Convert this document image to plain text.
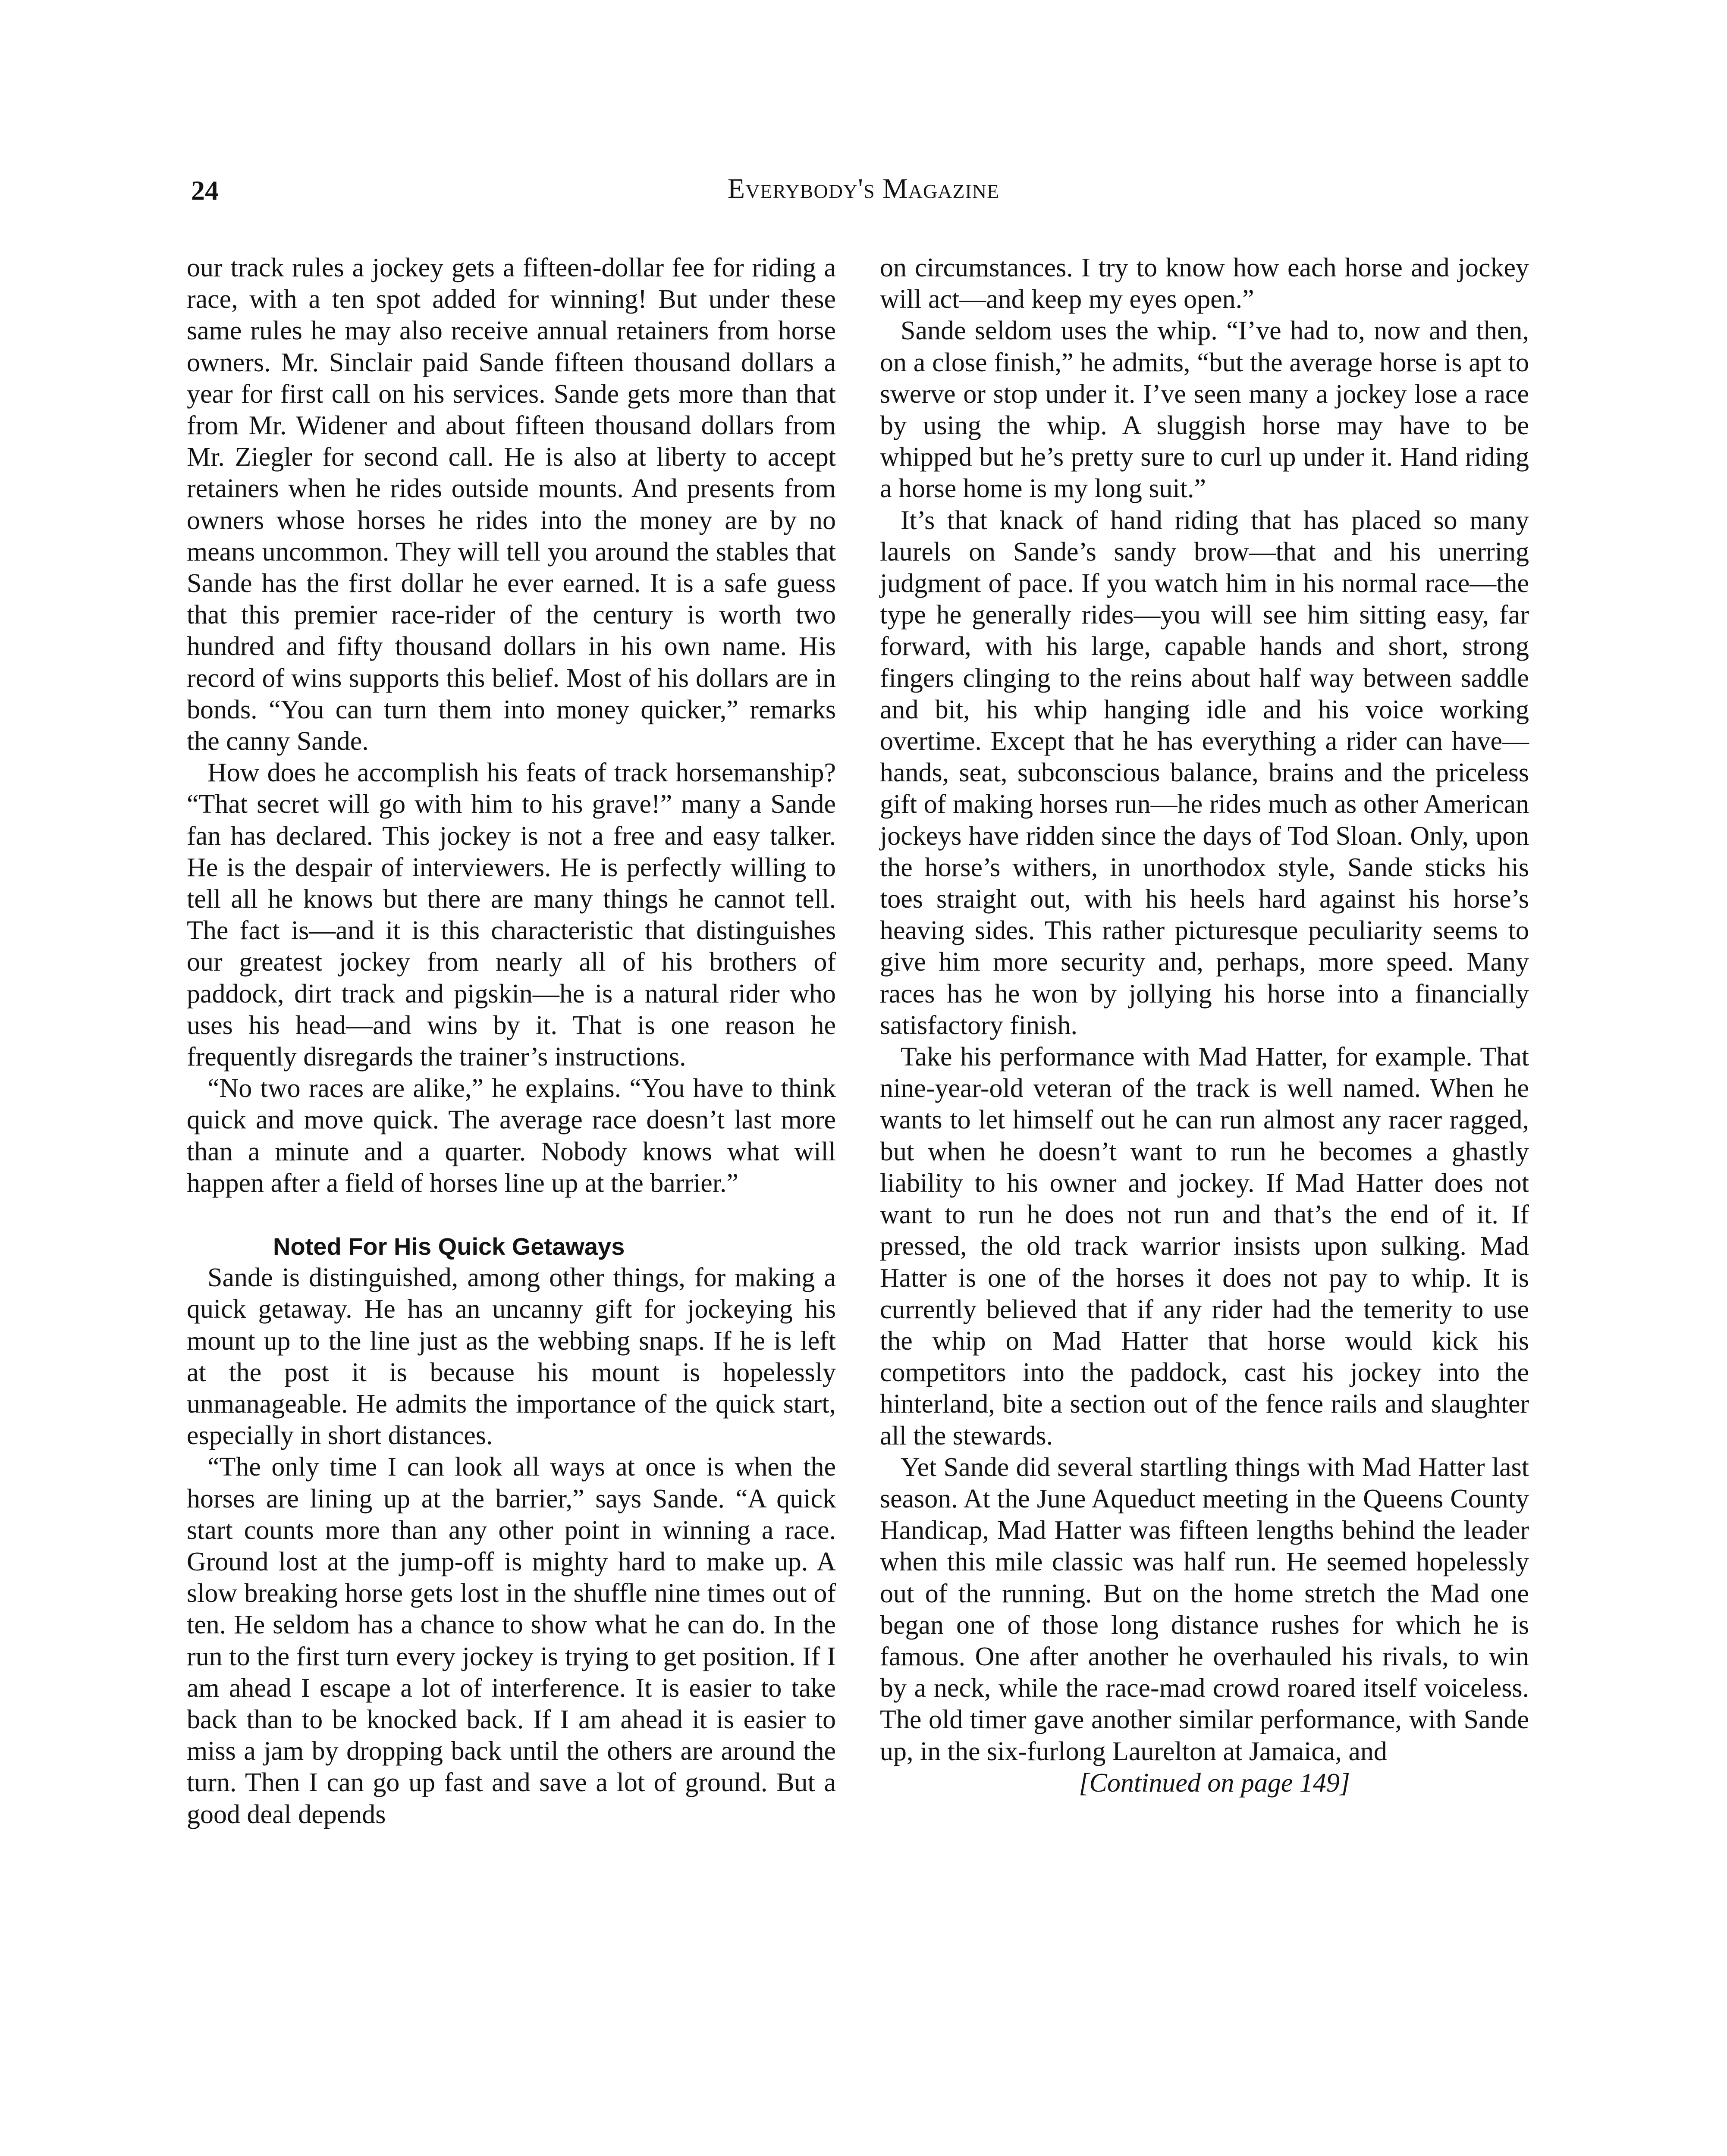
24	Everybody's Magazine

our track rules a jockey gets a fifteen-dollar fee for riding a race, with a ten spot added for winning! But under these same rules he may also receive annual retainers from horse owners. Mr. Sinclair paid Sande fifteen thousand dollars a year for first call on his services. Sande gets more than that from Mr. Widener and about fifteen thousand dollars from Mr. Ziegler for second call. He is also at liberty to accept retainers when he rides outside mounts. And presents from owners whose horses he rides into the money are by no means uncommon. They will tell you around the stables that Sande has the first dollar he ever earned. It is a safe guess that this premier race-rider of the century is worth two hundred and fifty thousand dollars in his own name. His record of wins supports this belief. Most of his dollars are in bonds. “You can turn them into money quicker,” remarks the canny Sande.

How does he accomplish his feats of track horsemanship? “That secret will go with him to his grave!” many a Sande fan has declared. This jockey is not a free and easy talker. He is the despair of interviewers. He is perfectly willing to tell all he knows but there are many things he cannot tell. The fact is—and it is this characteristic that distinguishes our greatest jockey from nearly all of his brothers of paddock, dirt track and pigskin—he is a natural rider who uses his head—and wins by it. That is one reason he frequently disregards the trainer’s instructions.

“No two races are alike,” he explains. “You have to think quick and move quick. The average race doesn’t last more than a minute and a quarter. Nobody knows what will happen after a field of horses line up at the barrier.”

Noted For His Quick Getaways

Sande is distinguished, among other things, for making a quick getaway. He has an uncanny gift for jockeying his mount up to the line just as the webbing snaps. If he is left at the post it is because his mount is hopelessly unmanageable. He admits the importance of the quick start, especially in short distances.

“The only time I can look all ways at once is when the horses are lining up at the barrier,” says Sande. “A quick start counts more than any other point in winning a race. Ground lost at the jump-off is mighty hard to make up. A slow breaking horse gets lost in the shuffle nine times out of ten. He seldom has a chance to show what he can do. In the run to the first turn every jockey is trying to get position. If I am ahead I escape a lot of interference. It is easier to take back than to be knocked back. If I am ahead it is easier to miss a jam by dropping back until the others are around the turn. Then I can go up fast and save a lot of ground. But a good deal depends

on circumstances. I try to know how each horse and jockey will act—and keep my eyes open.”

Sande seldom uses the whip. “I’ve had to, now and then, on a close finish,” he admits, “but the average horse is apt to swerve or stop under it. I’ve seen many a jockey lose a race by using the whip. A sluggish horse may have to be whipped but he’s pretty sure to curl up under it. Hand riding a horse home is my long suit.”

It’s that knack of hand riding that has placed so many laurels on Sande’s sandy brow—that and his unerring judgment of pace. If you watch him in his normal race—the type he generally rides—you will see him sitting easy, far forward, with his large, capable hands and short, strong fingers clinging to the reins about half way between saddle and bit, his whip hanging idle and his voice working overtime. Except that he has everything a rider can have—hands, seat, subconscious balance, brains and the priceless gift of making horses run—he rides much as other American jockeys have ridden since the days of Tod Sloan. Only, upon the horse’s withers, in unorthodox style, Sande sticks his toes straight out, with his heels hard against his horse’s heaving sides. This rather picturesque peculiarity seems to give him more security and, perhaps, more speed. Many races has he won by jollying his horse into a financially satisfactory finish.

Take his performance with Mad Hatter, for example. That nine-year-old veteran of the track is well named. When he wants to let himself out he can run almost any racer ragged, but when he doesn’t want to run he becomes a ghastly liability to his owner and jockey. If Mad Hatter does not want to run he does not run and that’s the end of it. If pressed, the old track warrior insists upon sulking. Mad Hatter is one of the horses it does not pay to whip. It is currently believed that if any rider had the temerity to use the whip on Mad Hatter that horse would kick his competitors into the paddock, cast his jockey into the hinterland, bite a section out of the fence rails and slaughter all the stewards.

Yet Sande did several startling things with Mad Hatter last season. At the June Aqueduct meeting in the Queens County Handicap, Mad Hatter was fifteen lengths behind the leader when this mile classic was half run. He seemed hopelessly out of the running. But on the home stretch the Mad one began one of those long distance rushes for which he is famous. One after another he overhauled his rivals, to win by a neck, while the race-mad crowd roared itself voiceless. The old timer gave another similar performance, with Sande up, in the six-furlong Laurelton at Jamaica, and

[Continued on page 149]
